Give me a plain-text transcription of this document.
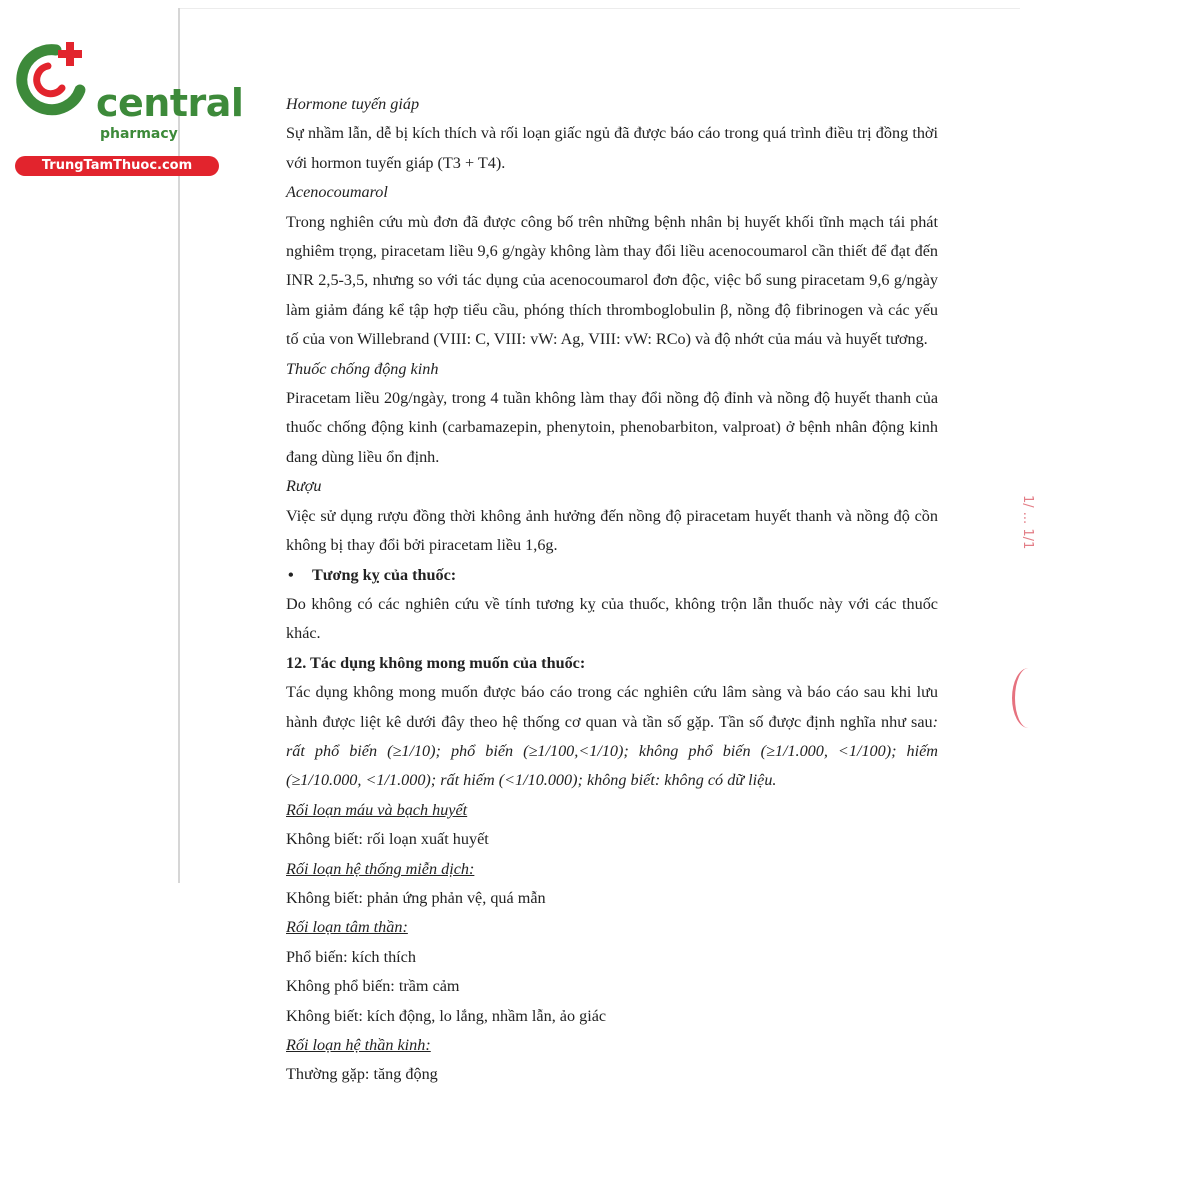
central
pharmacy
TrungTamThuoc.com
1/ ... 1/1

Hormone tuyến giáp

Sự nhầm lẫn, dễ bị kích thích và rối loạn giấc ngủ đã được báo cáo trong quá trình điều trị đồng thời với hormon tuyến giáp (T3 + T4).

Acenocoumarol

Trong nghiên cứu mù đơn đã được công bố trên những bệnh nhân bị huyết khối tĩnh mạch tái phát nghiêm trọng, piracetam liều 9,6 g/ngày không làm thay đổi liều acenocoumarol cần thiết để đạt đến INR 2,5-3,5, nhưng so với tác dụng của acenocoumarol đơn độc, việc bổ sung piracetam 9,6 g/ngày làm giảm đáng kể tập hợp tiểu cầu, phóng thích thromboglobulin β, nồng độ fibrinogen và các yếu tố của von Willebrand (VIII: C, VIII: vW: Ag, VIII: vW: RCo) và độ nhớt của máu và huyết tương.

Thuốc chống động kinh

Piracetam liều 20g/ngày, trong 4 tuần không làm thay đổi nồng độ đỉnh và nồng độ huyết thanh của thuốc chống động kinh (carbamazepin, phenytoin, phenobarbiton, valproat) ở bệnh nhân động kinh đang dùng liều ổn định.

Rượu

Việc sử dụng rượu đồng thời không ảnh hưởng đến nồng độ piracetam huyết thanh và nồng độ cồn không bị thay đổi bởi piracetam liều 1,6g.

• Tương kỵ của thuốc:

Do không có các nghiên cứu về tính tương kỵ của thuốc, không trộn lẫn thuốc này với các thuốc khác.

12. Tác dụng không mong muốn của thuốc:

Tác dụng không mong muốn được báo cáo trong các nghiên cứu lâm sàng và báo cáo sau khi lưu hành được liệt kê dưới đây theo hệ thống cơ quan và tần số gặp. Tần số được định nghĩa như sau: rất phổ biến (≥1/10); phổ biến (≥1/100,<1/10); không phổ biến (≥1/1.000, <1/100); hiếm (≥1/10.000, <1/1.000); rất hiếm (<1/10.000); không biết: không có dữ liệu.

Rối loạn máu và bạch huyết

Không biết: rối loạn xuất huyết

Rối loạn hệ thống miễn dịch:

Không biết: phản ứng phản vệ, quá mẫn

Rối loạn tâm thần:

Phổ biến: kích thích

Không phổ biến: trầm cảm

Không biết: kích động, lo lắng, nhầm lẫn, ảo giác

Rối loạn hệ thần kinh:

Thường gặp: tăng động
